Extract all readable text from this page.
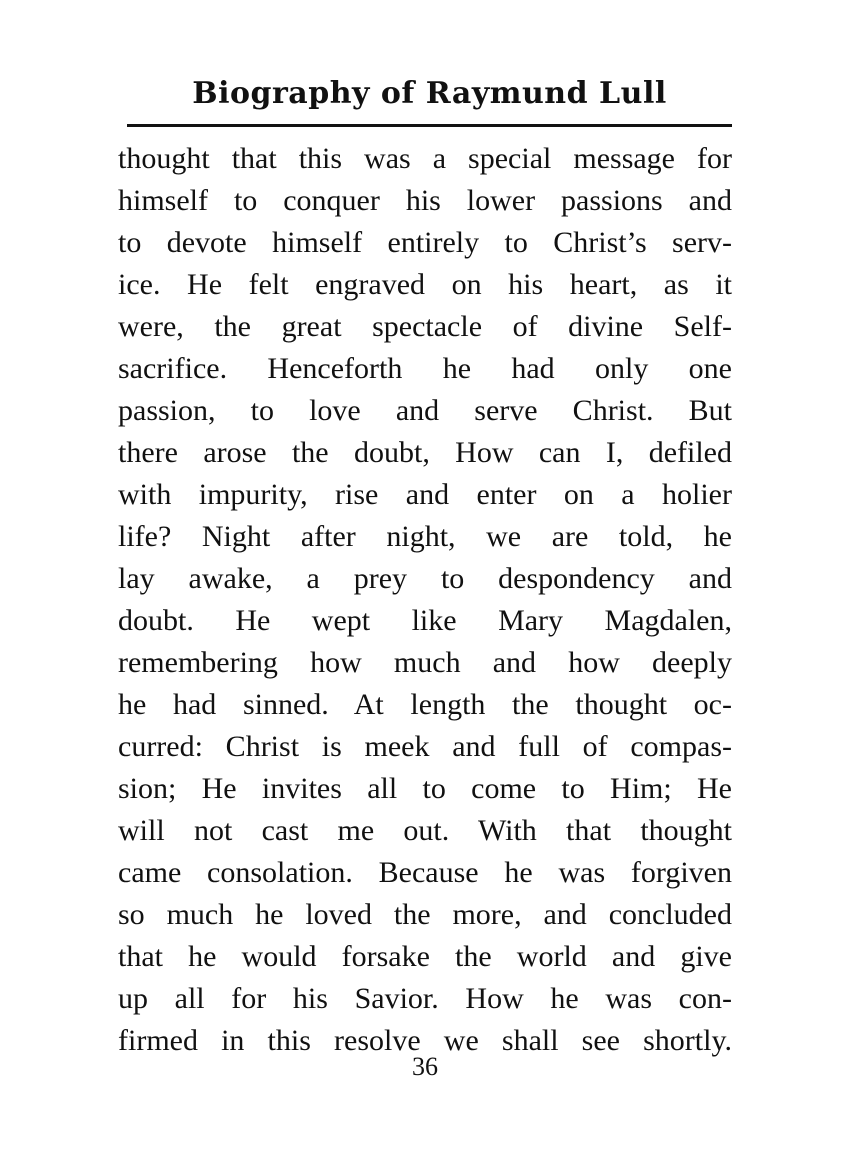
Biography of Raymund Lull
thought that this was a special message for
himself to conquer his lower passions and
to devote himself entirely to Christ’s serv-
ice. He felt engraved on his heart, as it
were, the great spectacle of divine Self-
sacrifice. Henceforth he had only one
passion, to love and serve Christ. But
there arose the doubt, How can I, defiled
with impurity, rise and enter on a holier
life? Night after night, we are told, he
lay awake, a prey to despondency and
doubt. He wept like Mary Magdalen,
remembering how much and how deeply
he had sinned. At length the thought oc-
curred: Christ is meek and full of compas-
sion; He invites all to come to Him; He
will not cast me out. With that thought
came consolation. Because he was forgiven
so much he loved the more, and concluded
that he would forsake the world and give
up all for his Savior. How he was con-
firmed in this resolve we shall see shortly.
36
